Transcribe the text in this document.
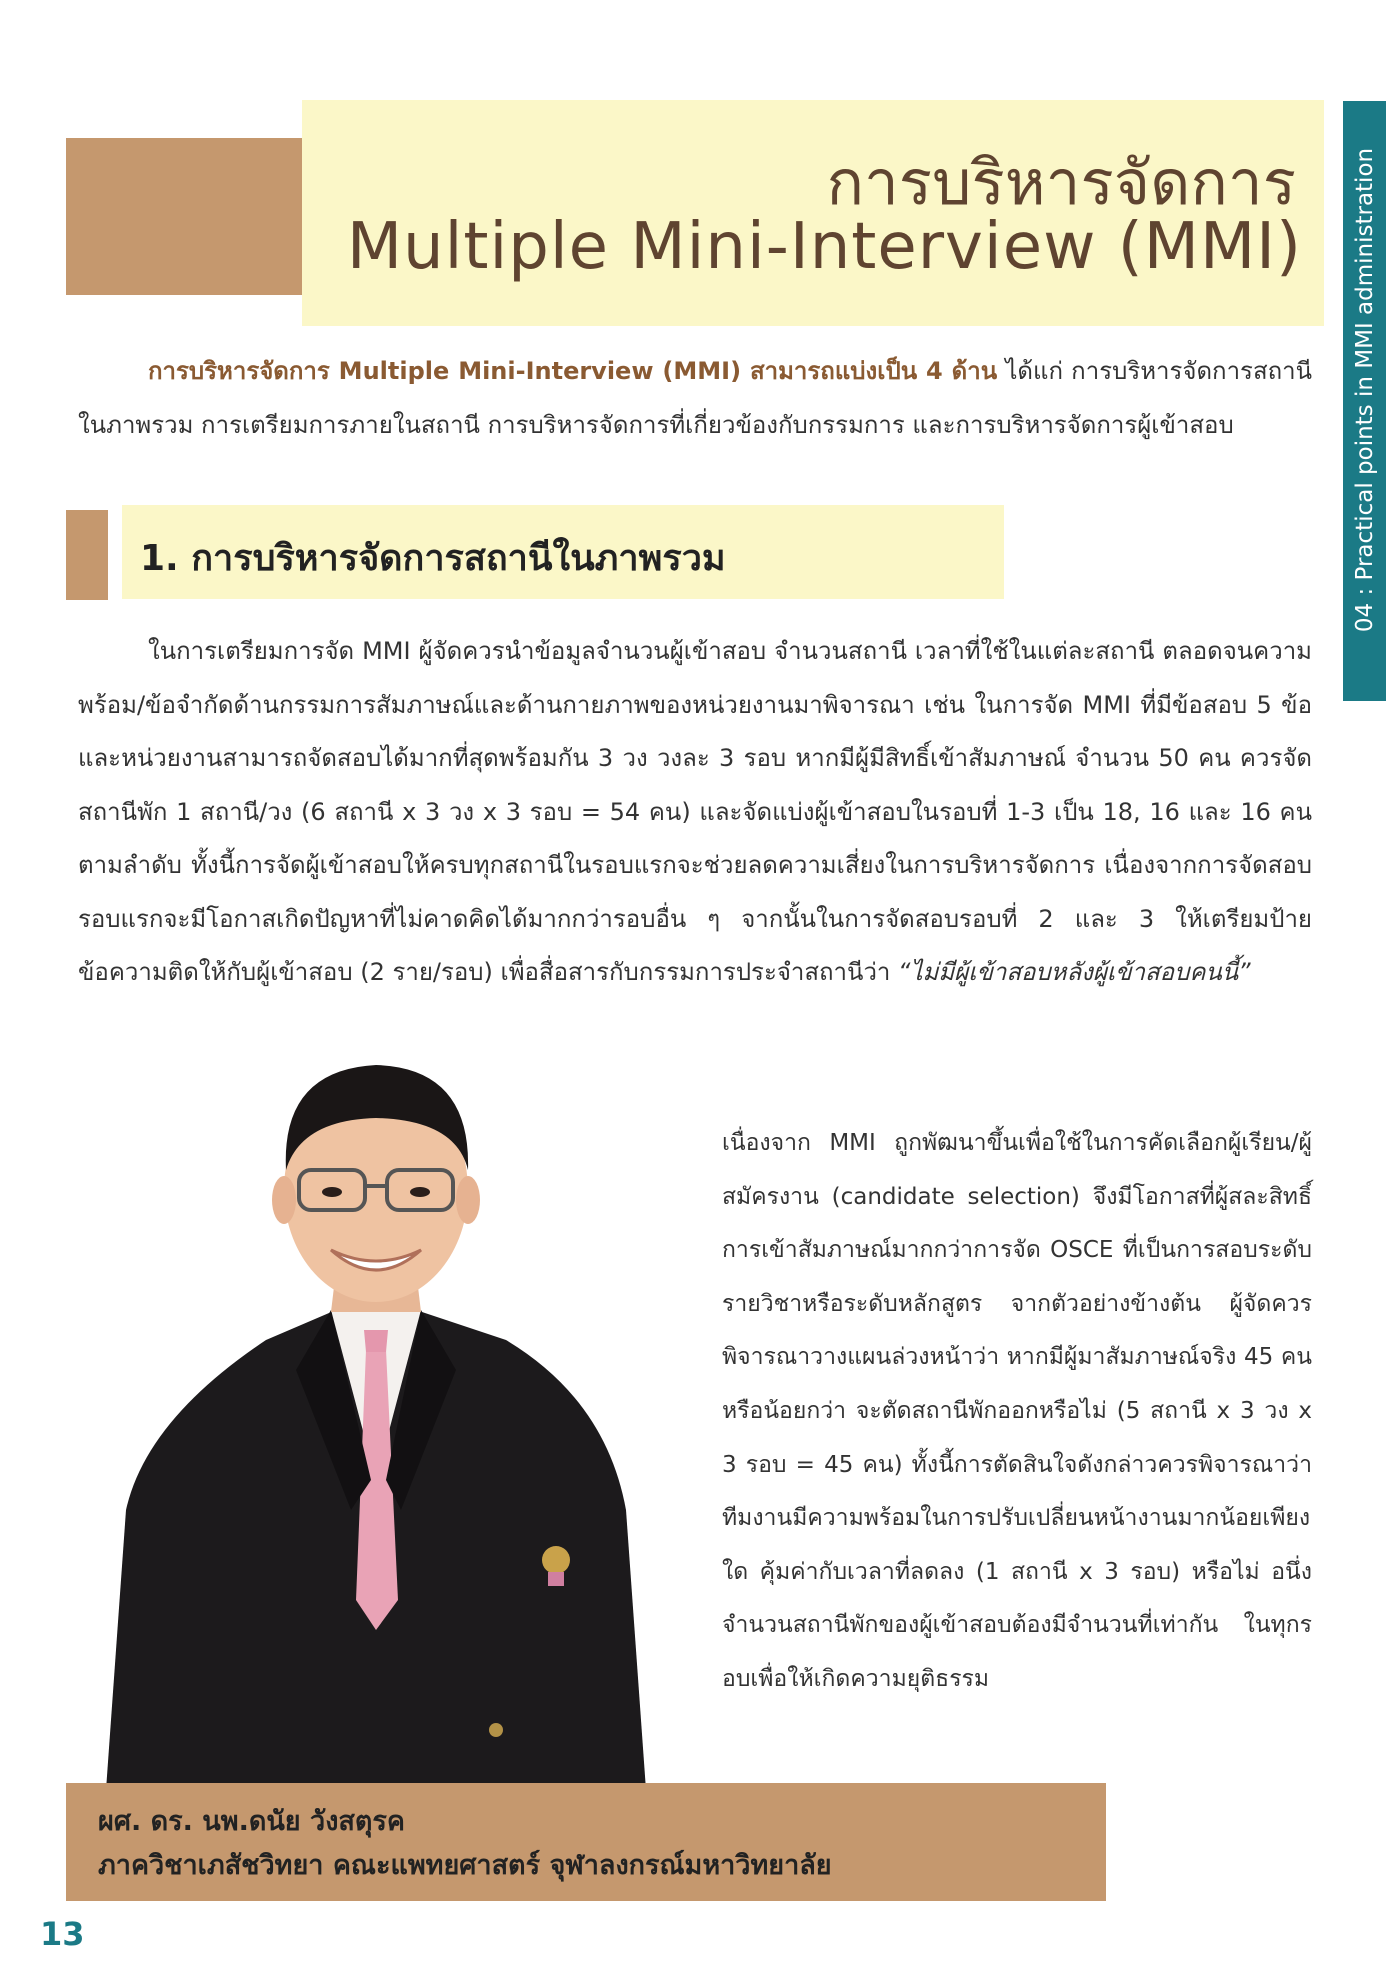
การบริหารจัดการ
Multiple Mini-Interview (MMI)	04 : Practical points in MMI administration

การบริหารจัดการ Multiple Mini-Interview (MMI) สามารถแบ่งเป็น 4 ด้าน ได้แก่ การบริหารจัดการสถานีในภาพรวม การเตรียมการภายในสถานี การบริหารจัดการที่เกี่ยวข้องกับกรรมการ และการบริหารจัดการผู้เข้าสอบ

1. การบริหารจัดการสถานีในภาพรวม

ในการเตรียมการจัด MMI ผู้จัดควรนำข้อมูลจำนวนผู้เข้าสอบ จำนวนสถานี เวลาที่ใช้ในแต่ละสถานี ตลอดจนความพร้อม/ข้อจำกัดด้านกรรมการสัมภาษณ์และด้านกายภาพของหน่วยงานมาพิจารณา เช่น ในการจัด MMI ที่มีข้อสอบ 5 ข้อ และหน่วยงานสามารถจัดสอบได้มากที่สุดพร้อมกัน 3 วง วงละ 3 รอบ หากมีผู้มีสิทธิ์เข้าสัมภาษณ์ จำนวน 50 คน ควรจัดสถานีพัก 1 สถานี/วง (6 สถานี x 3 วง x 3 รอบ = 54 คน) และจัดแบ่งผู้เข้าสอบในรอบที่ 1-3 เป็น 18, 16 และ 16 คน ตามลำดับ ทั้งนี้การจัดผู้เข้าสอบให้ครบทุกสถานีในรอบแรกจะช่วยลดความเสี่ยงในการบริหารจัดการ เนื่องจากการจัดสอบรอบแรกจะมีโอกาสเกิดปัญหาที่ไม่คาดคิดได้มากกว่ารอบอื่น ๆ จากนั้นในการจัดสอบรอบที่ 2 และ 3 ให้เตรียมป้ายข้อความติดให้กับผู้เข้าสอบ (2 ราย/รอบ) เพื่อสื่อสารกับกรรมการประจำสถานีว่า “ไม่มีผู้เข้าสอบหลังผู้เข้าสอบคนนี้”

เนื่องจาก MMI ถูกพัฒนาขึ้นเพื่อใช้ในการคัดเลือกผู้เรียน/ผู้สมัครงาน (candidate selection) จึงมีโอกาสที่ผู้สละสิทธิ์การเข้าสัมภาษณ์มากกว่าการจัด OSCE ที่เป็นการสอบระดับรายวิชาหรือระดับหลักสูตร จากตัวอย่างข้างต้น ผู้จัดควรพิจารณาวางแผนล่วงหน้าว่า หากมีผู้มาสัมภาษณ์จริง 45 คนหรือน้อยกว่า จะตัดสถานีพักออกหรือไม่ (5 สถานี x 3 วง x 3 รอบ = 45 คน) ทั้งนี้การตัดสินใจดังกล่าวควรพิจารณาว่าทีมงานมีความพร้อมในการปรับเปลี่ยนหน้างานมากน้อยเพียงใด คุ้มค่ากับเวลาที่ลดลง (1 สถานี x 3 รอบ) หรือไม่ อนึ่ง จำนวนสถานีพักของผู้เข้าสอบต้องมีจำนวนที่เท่ากัน ในทุกรอบเพื่อให้เกิดความยุติธรรม

ผศ. ดร. นพ.ดนัย วังสตุรค
ภาควิชาเภสัชวิทยา คณะแพทยศาสตร์ จุฬาลงกรณ์มหาวิทยาลัย
13
